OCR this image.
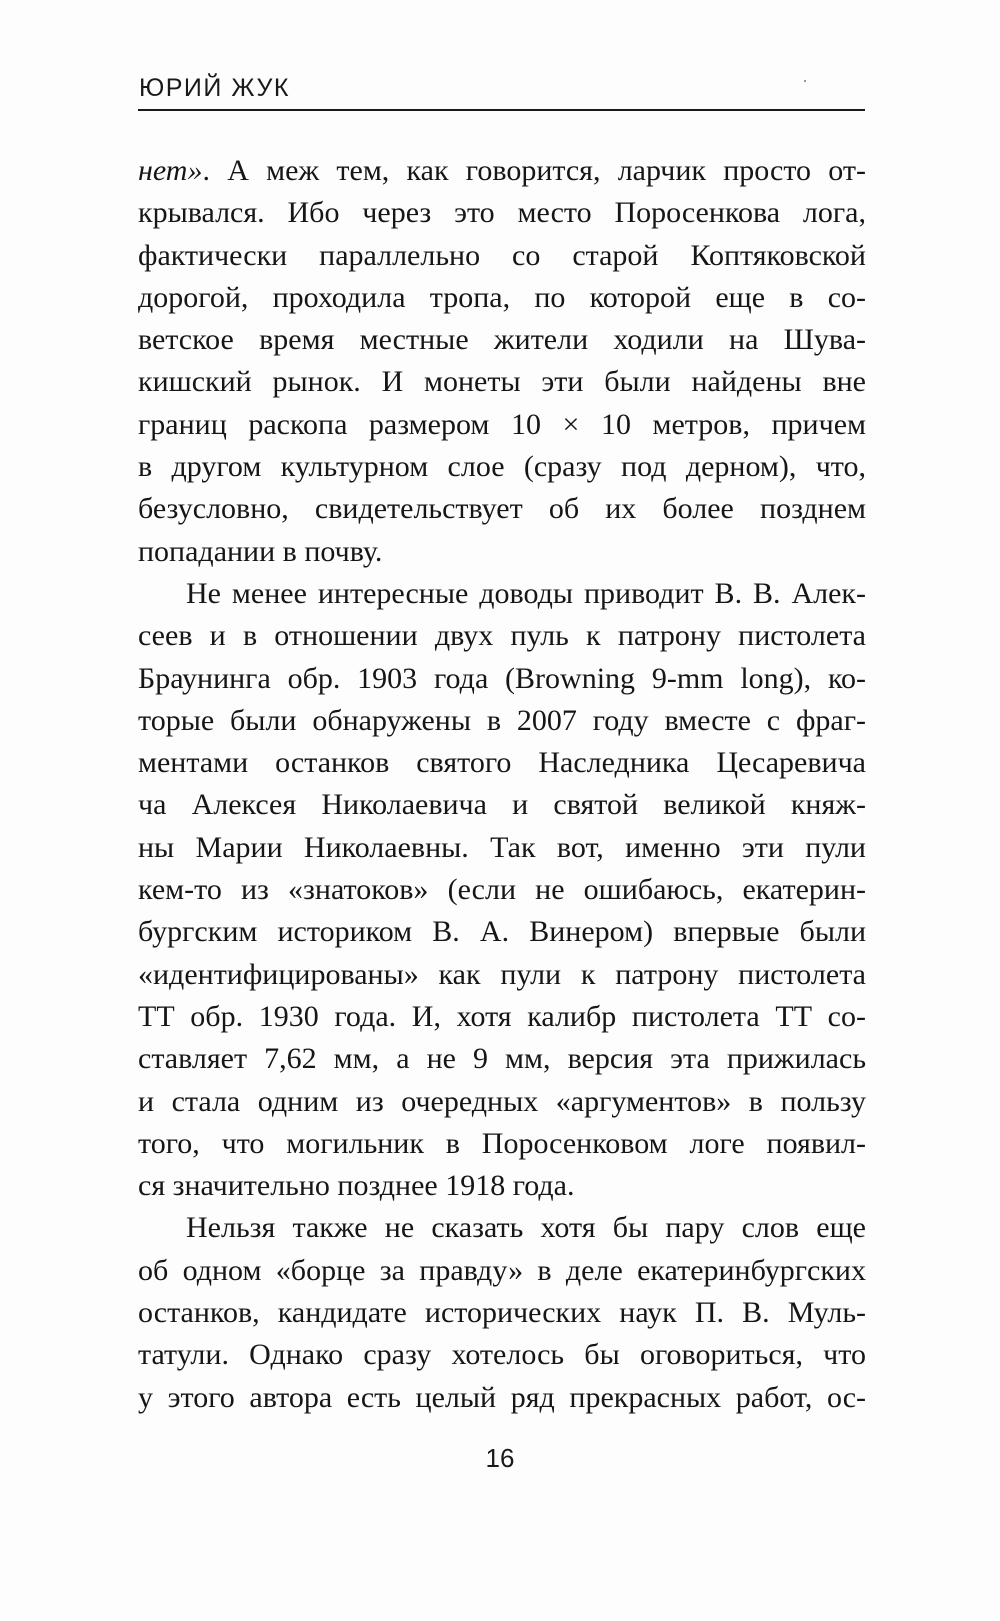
ЮРИЙ ЖУК
нет». А меж тем, как говорится, ларчик просто от-
крывался. Ибо через это место Поросенкова лога,
фактически параллельно со старой Коптяковской
дорогой, проходила тропа, по которой еще в со-
ветское время местные жители ходили на Шува-
кишский рынок. И монеты эти были найдены вне
границ раскопа размером 10 × 10 метров, причем
в другом культурном слое (сразу под дерном), что,
безусловно, свидетельствует об их более позднем
попадании в почву.
Не менее интересные доводы приводит В. В. Алек-
сеев и в отношении двух пуль к патрону пистолета
Браунинга обр. 1903 года (Browning 9-mm long), ко-
торые были обнаружены в 2007 году вместе с фраг-
ментами останков святого Наследника Цесаревича
ча Алексея Николаевича и святой великой княж-
ны Марии Николаевны. Так вот, именно эти пули
кем-то из «знатоков» (если не ошибаюсь, екатерин-
бургским историком В. А. Винером) впервые были
«идентифицированы» как пули к патрону пистолета
ТТ обр. 1930 года. И, хотя калибр пистолета ТТ со-
ставляет 7,62 мм, а не 9 мм, версия эта прижилась
и стала одним из очередных «аргументов» в пользу
того, что могильник в Поросенковом логе появил-
ся значительно позднее 1918 года.
Нельзя также не сказать хотя бы пару слов еще
об одном «борце за правду» в деле екатеринбургских
останков, кандидате исторических наук П. В. Муль-
татули. Однако сразу хотелось бы оговориться, что
у этого автора есть целый ряд прекрасных работ, ос-
16
